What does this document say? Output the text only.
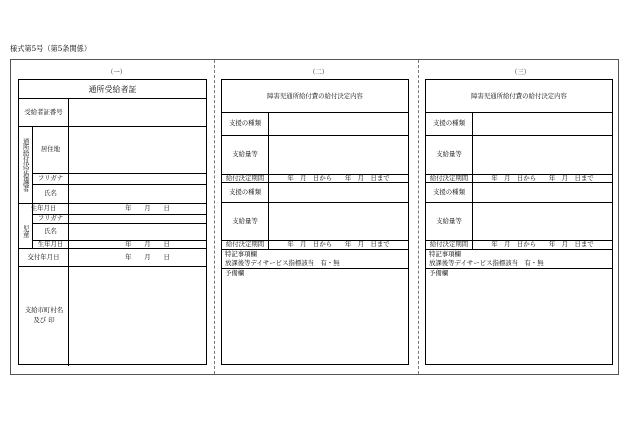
様式第5号（第5条関係）
（一）
通所受給者証
受給者証番号
通所給付決定保護者	居住地
フリガナ
氏名
生年月日	年　　月　　日
児童
フリガナ
氏名
生年月日	年　　月　　日
交付年月日	年　　月　　日
支給市町村名及び 印
（二）
障害児通所給付費の給付決定内容
支援の種類
支給量等
給付決定期間	年　月　日から　　年　月　日まで
支援の種類
支給量等
給付決定期間	年　月　日から　　年　月　日まで
特記事項欄
放課後等デイサービス指標該当　有・無
予備欄
（三）
障害児通所給付費の給付決定内容
支援の種類
支給量等
給付決定期間	年　月　日から　　年　月　日まで
支援の種類
支給量等
給付決定期間	年　月　日から　　年　月　日まで
特記事項欄
放課後等デイサービス指標該当　有・無
予備欄
